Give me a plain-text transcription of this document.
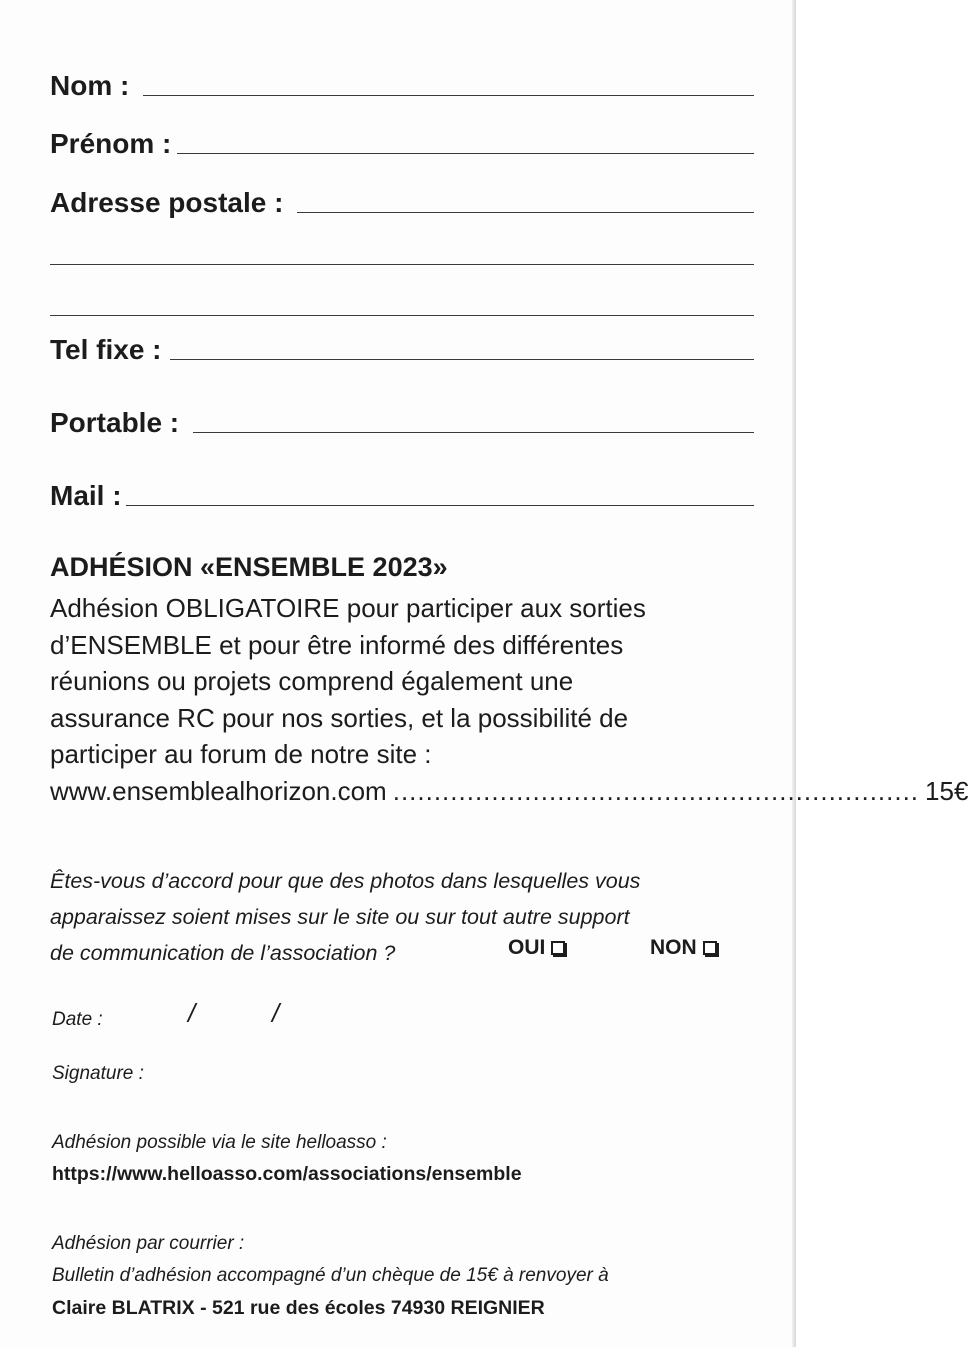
Nom :
Prénom :
Adresse postale :
Tel fixe :
Portable :
Mail :
ADHÉSION «ENSEMBLE 2023»

Adhésion OBLIGATOIRE pour participer aux sorties

d’ENSEMBLE et pour être informé des différentes

réunions ou projets comprend également une

assurance RC pour nos sorties, et la possibilité de

participer au forum de notre site :

www.ensemblealhorizon.com ................................................................ 15€

Êtes-vous d’accord pour que des photos dans lesquelles vous

apparaissez soient mises sur le site ou sur tout autre support

de communication de l’association ?	OUI	NON
Date :	/	/
Signature :
Adhésion possible via le site helloasso :
https://www.helloasso.com/associations/ensemble
Adhésion par courrier :
Bulletin d’adhésion accompagné d’un chèque de 15€ à renvoyer à
Claire BLATRIX - 521 rue des écoles 74930 REIGNIER
